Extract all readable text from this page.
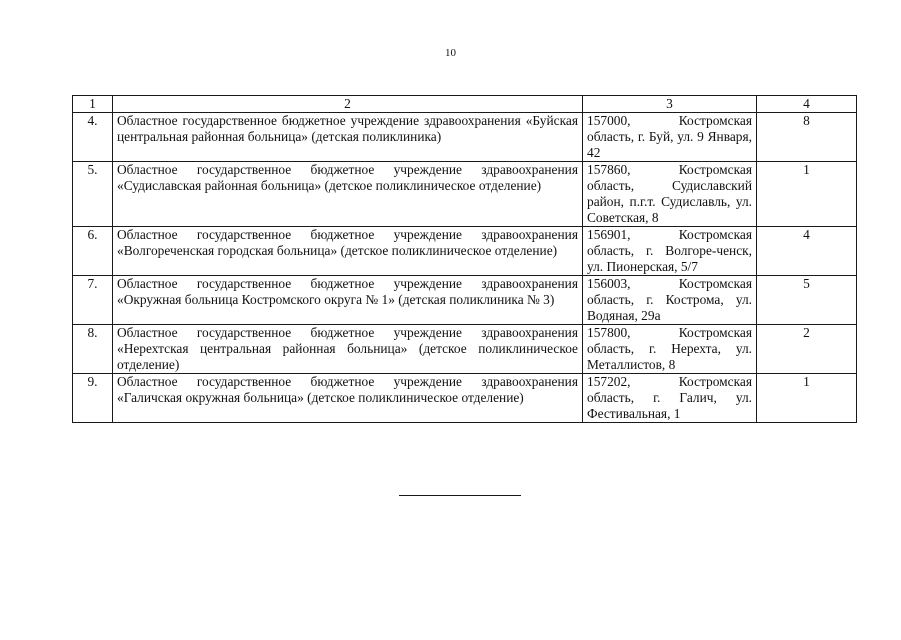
10
1	2	3	4
4.	Областное государственное бюджетное учреждение здравоохранения «Буйская центральная районная больница» (детская поликлиника)	157000, Костромская область, г. Буй, ул. 9 Января, 42	8
5.	Областное государственное бюджетное учреждение здравоохранения «Судиславская районная больница» (детское поликлиническое отделение)	157860, Костромская область, Судиславский район, п.г.т. Судиславль, ул. Советская, 8	1
6.	Областное государственное бюджетное учреждение здравоохранения «Волгореченская городская больница» (детское поликлиническое отделение)	156901, Костромская область, г. Волгоре-ченск, ул. Пионерская, 5/7	4
7.	Областное государственное бюджетное учреждение здравоохранения «Окружная больница Костромского округа № 1» (детская поликлиника № 3)	156003, Костромская область, г. Кострома, ул. Водяная, 29а	5
8.	Областное государственное бюджетное учреждение здравоохранения «Нерехтская центральная районная больница» (детское поликлиническое отделение)	157800, Костромская область, г. Нерехта, ул. Металлистов, 8	2
9.	Областное государственное бюджетное учреждение здравоохранения «Галичская окружная больница» (детское поликлиническое отделение)	157202, Костромская область, г. Галич, ул. Фестивальная, 1	1
